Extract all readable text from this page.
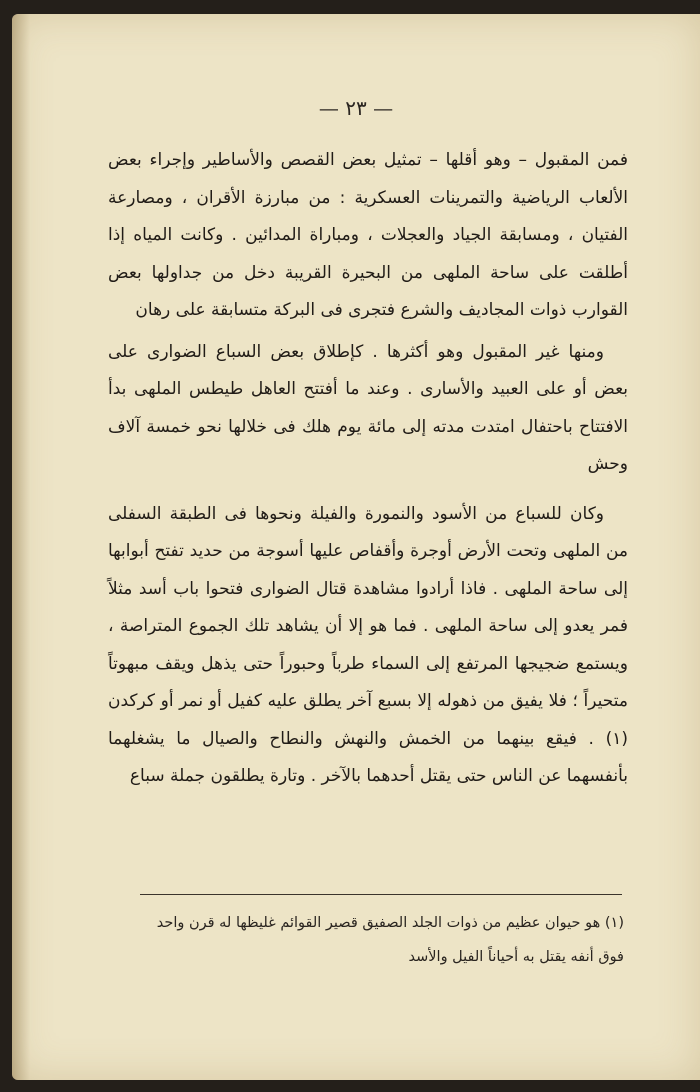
— ٢٣ —

فمن المقبول – وهو أقلها – تمثيل بعض القصص والأساطير وإجراء بعض الألعاب الرياضية والتمرينات العسكرية : من مبارزة الأقران ، ومصارعة الفتيان ، ومسابقة الجياد والعجلات ، ومباراة المدائين . وكانت المياه إذا أطلقت على ساحة الملهى من البحيرة القريبة دخل من جداولها بعض القوارب ذوات المجاديف والشرع فتجرى فى البركة متسابقة على رهان

ومنها غير المقبول وهو أكثرها . كإطلاق بعض السباع الضوارى على بعض أو على العبيد والأسارى . وعند ما أفتتح العاهل طيطس الملهى بدأ الافتتاح باحتفال امتدت مدته إلى مائة يوم هلك فى خلالها نحو خمسة آلاف وحش

وكان للسباع من الأسود والنمورة والفيلة ونحوها فى الطبقة السفلى من الملهى وتحت الأرض أوجرة وأقفاص عليها أسوجة من حديد تفتح أبوابها إلى ساحة الملهى . فاذا أرادوا مشاهدة قتال الضوارى فتحوا باب أسد مثلاً فمر يعدو إلى ساحة الملهى . فما هو إلا أن يشاهد تلك الجموع المتراصة ، ويستمع ضجيجها المرتفع إلى السماء طرباً وحبوراً حتى يذهل ويقف مبهوتاً متحيراً ؛ فلا يفيق من ذهوله إلا بسبع آخر يطلق عليه كفيل أو نمر أو كركدن (١) . فيقع بينهما من الخمش والنهش والنطاح والصيال ما يشغلهما بأنفسهما عن الناس حتى يقتل أحدهما بالآخر . وتارة يطلقون جملة سباع

(١) هو حيوان عظيم من ذوات الجلد الصفيق قصير القوائم غليظها له قرن واحد

فوق أنفه يقتل به أحياناً الفيل والأسد
